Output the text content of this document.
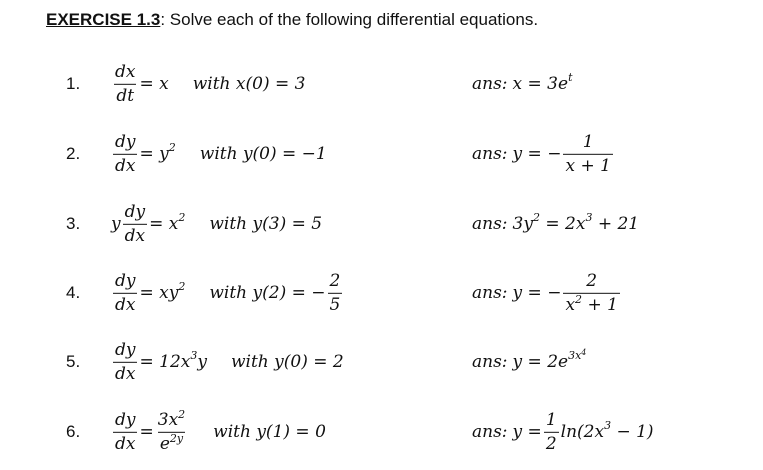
EXERCISE 1.3: Solve each of the following differential equations.
1. $\frac{dx}{dt} = x$ with x(0) = 3	ans: x = 3e t
2. $\frac{dy}{dx} = y$ 2 with y(0) = −1	ans: y = − $\frac{1}{x + 1}$
3. y $\frac{dy}{dx} = x$ 2 with y(3) = 5	ans: 3y 2 = 2x 3 + 21
4. $\frac{dy}{dx}$ = xy 2 with y(2) = − $\frac{2}{5}$	ans: y = − $\frac{2}{x^2 + 1}$
5. $\frac{dy}{dx} = 12x$ 3 y with y(0) = 2	ans: y = 2e $3x^4$
6. $\frac{dy}{dx} = \frac{3x^2}{e^{2y}}$ with y(1) = 0	ans: $y = \frac{1}{2} \ln(2x$ 3 − 1)
